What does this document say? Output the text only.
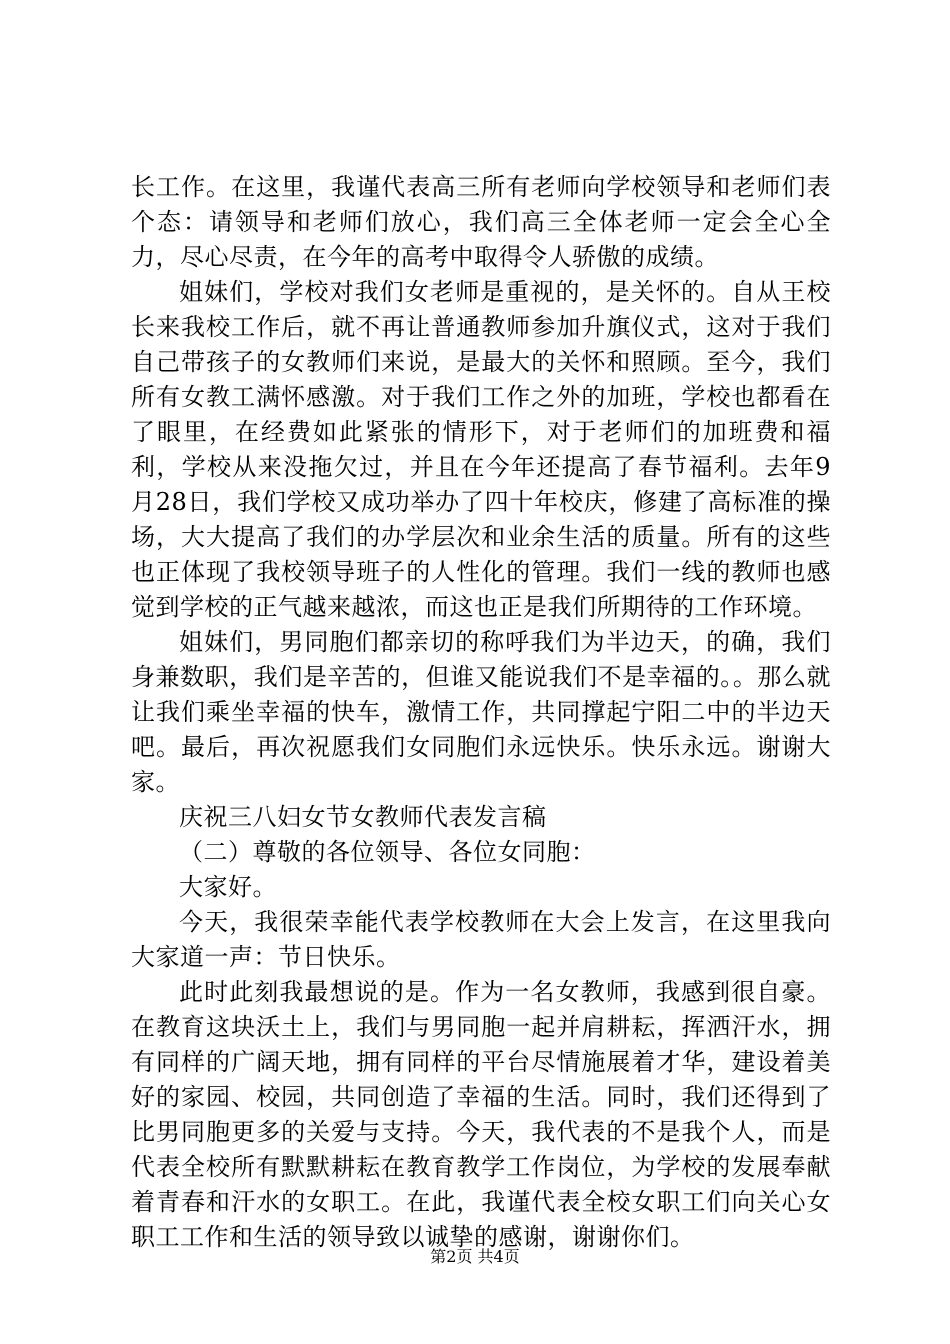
长工作。在这里，我谨代表高三所有老师向学校领导和老师们表个态：请领导和老师们放心，我们高三全体老师一定会全心全力，尽心尽责，在今年的高考中取得令人骄傲的成绩。

姐妹们，学校对我们女老师是重视的，是关怀的。自从王校长来我校工作后，就不再让普通教师参加升旗仪式，这对于我们自己带孩子的女教师们来说，是最大的关怀和照顾。至今，我们所有女教工满怀感激。对于我们工作之外的加班，学校也都看在了眼里，在经费如此紧张的情形下，对于老师们的加班费和福利，学校从来没拖欠过，并且在今年还提高了春节福利。去年9月28日，我们学校又成功举办了四十年校庆，修建了高标准的操场，大大提高了我们的办学层次和业余生活的质量。所有的这些也正体现了我校领导班子的人性化的管理。我们一线的教师也感觉到学校的正气越来越浓，而这也正是我们所期待的工作环境。

姐妹们，男同胞们都亲切的称呼我们为半边天，的确，我们身兼数职，我们是辛苦的，但谁又能说我们不是幸福的。。那么就让我们乘坐幸福的快车，激情工作，共同撑起宁阳二中的半边天吧。最后，再次祝愿我们女同胞们永远快乐。快乐永远。谢谢大家。

庆祝三八妇女节女教师代表发言稿

（二）尊敬的各位领导、各位女同胞：

大家好。

今天，我很荣幸能代表学校教师在大会上发言，在这里我向大家道一声：节日快乐。

此时此刻我最想说的是。作为一名女教师，我感到很自豪。在教育这块沃土上，我们与男同胞一起并肩耕耘，挥洒汗水，拥有同样的广阔天地，拥有同样的平台尽情施展着才华，建设着美好的家园、校园，共同创造了幸福的生活。同时，我们还得到了比男同胞更多的关爱与支持。今天，我代表的不是我个人，而是代表全校所有默默耕耘在教育教学工作岗位，为学校的发展奉献着青春和汗水的女职工。在此，我谨代表全校女职工们向关心女职工工作和生活的领导致以诚挚的感谢，谢谢你们。

第2页 共4页
